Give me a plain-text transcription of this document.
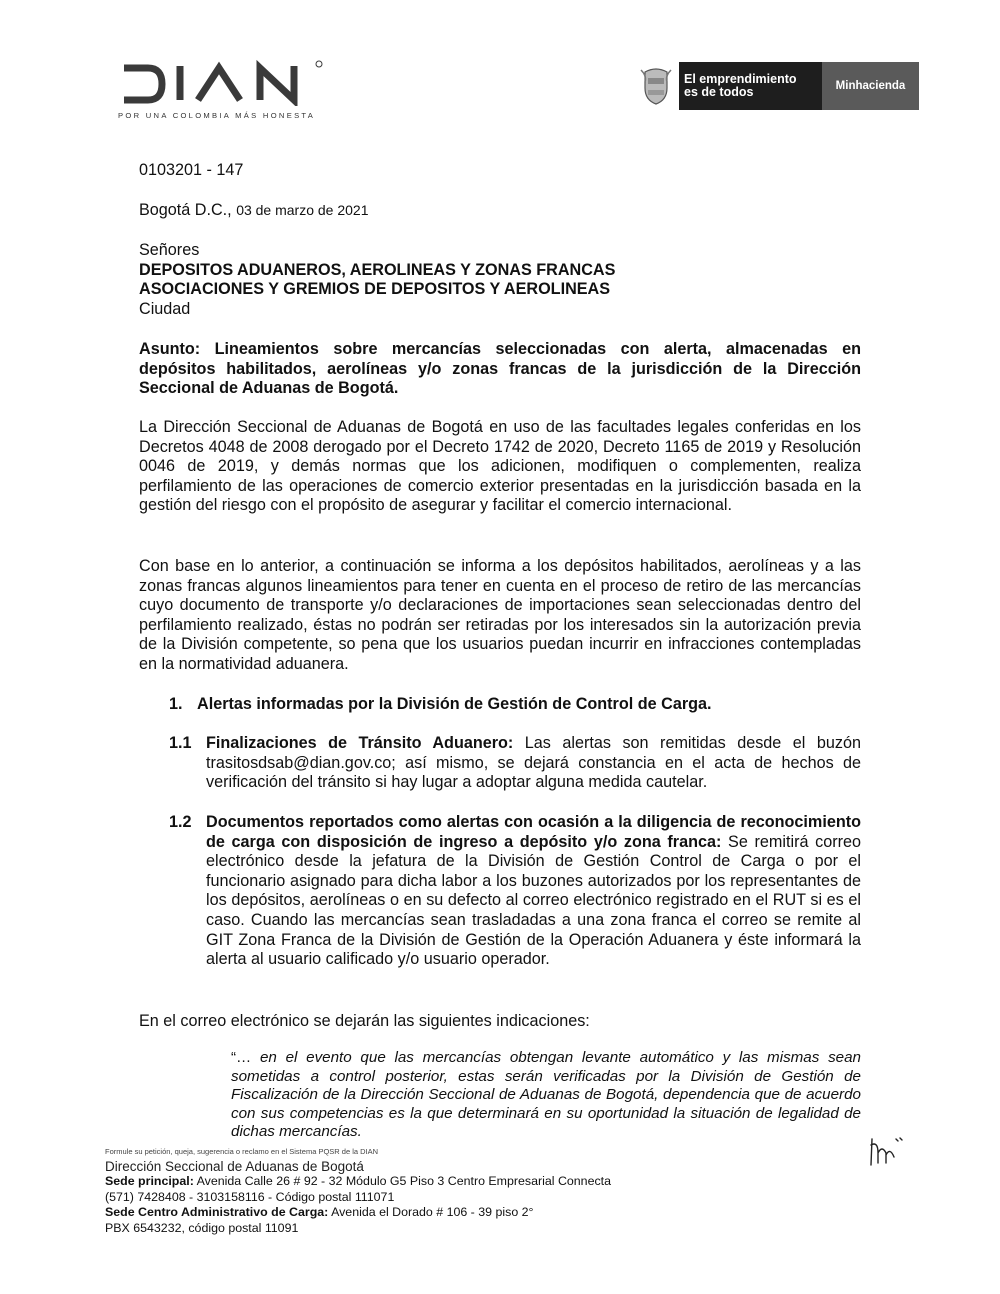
POR UNA COLOMBIA MÁS HONESTA
El emprendimiento
es de todos	Minhacienda
0103201 - 147
Bogotá D.C., 03 de marzo de 2021
Señores
DEPOSITOS ADUANEROS, AEROLINEAS Y ZONAS FRANCAS
ASOCIACIONES Y GREMIOS DE DEPOSITOS Y AEROLINEAS
Ciudad
Asunto: Lineamientos sobre mercancías seleccionadas con alerta, almacenadas en depósitos habilitados, aerolíneas y/o zonas francas de la jurisdicción de la Dirección Seccional de Aduanas de Bogotá.
La Dirección Seccional de Aduanas de Bogotá en uso de las facultades legales conferidas en los Decretos 4048 de 2008 derogado por el Decreto 1742 de 2020, Decreto 1165 de 2019 y Resolución 0046 de 2019, y demás normas que los adicionen, modifiquen o complementen, realiza perfilamiento de las operaciones de comercio exterior presentadas en la jurisdicción basada en la gestión del riesgo con el propósito de asegurar y facilitar el comercio internacional.
Con base en lo anterior, a continuación se informa a los depósitos habilitados, aerolíneas y a las zonas francas algunos lineamientos para tener en cuenta en el proceso de retiro de las mercancías cuyo documento de transporte y/o declaraciones de importaciones sean seleccionadas dentro del perfilamiento realizado, éstas no podrán ser retiradas por los interesados sin la autorización previa de la División competente, so pena que los usuarios puedan incurrir en infracciones contempladas en la normatividad aduanera.
1. Alertas informadas por la División de Gestión de Control de Carga.
1.1 Finalizaciones de Tránsito Aduanero: Las alertas son remitidas desde el buzón trasitosdsab@dian.gov.co; así mismo, se dejará constancia en el acta de hechos de verificación del tránsito si hay lugar a adoptar alguna medida cautelar.
1.2 Documentos reportados como alertas con ocasión a la diligencia de reconocimiento de carga con disposición de ingreso a depósito y/o zona franca: Se remitirá correo electrónico desde la jefatura de la División de Gestión Control de Carga o por el funcionario asignado para dicha labor a los buzones autorizados por los representantes de los depósitos, aerolíneas o en su defecto al correo electrónico registrado en el RUT si es el caso. Cuando las mercancías sean trasladadas a una zona franca el correo se remite al GIT Zona Franca de la División de Gestión de la Operación Aduanera y éste informará la alerta al usuario calificado y/o usuario operador.
En el correo electrónico se dejarán las siguientes indicaciones:
“… en el evento que las mercancías obtengan levante automático y las mismas sean sometidas a control posterior, estas serán verificadas por la División de Gestión de Fiscalización de la Dirección Seccional de Aduanas de Bogotá, dependencia que de acuerdo con sus competencias es la que determinará en su oportunidad la situación de legalidad de dichas mercancías.
Formule su petición, queja, sugerencia o reclamo en el Sistema PQSR de la DIAN
Dirección Seccional de Aduanas de Bogotá
Sede principal: Avenida Calle 26 # 92 - 32 Módulo G5 Piso 3 Centro Empresarial Connecta
(571) 7428408 - 3103158116 - Código postal 111071
Sede Centro Administrativo de Carga: Avenida el Dorado # 106 - 39 piso 2°
PBX 6543232, código postal 11091
